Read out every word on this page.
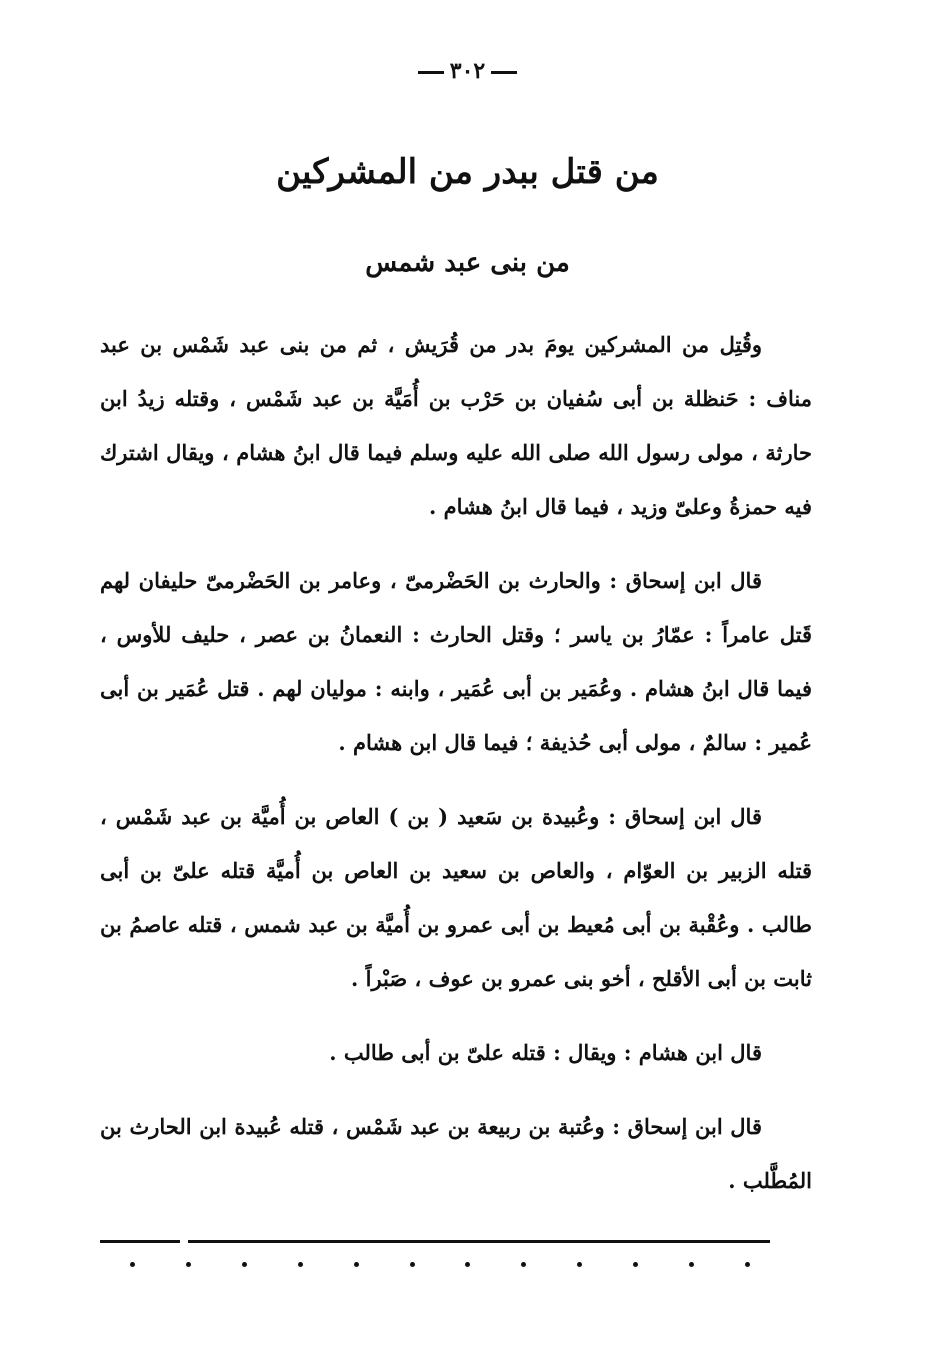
٣٠٢
من قتل ببدر من المشركين
من بنى عبد شمس

وقُتِل من المشركين يومَ بدر من قُرَيش ، ثم من بنى عبد شَمْس بن عبد مناف : حَنظلة بن أبى سُفيان بن حَرْب بن أُمَيَّة بن عبد شَمْس ، وقتله زيدُ ابن حارثة ، مولى رسول الله صلى الله عليه وسلم فيما قال ابنُ هشام ، ويقال اشترك فيه حمزةُ وعلىّ وزيد ، فيما قال ابنُ هشام .

قال ابن إسحاق : والحارث بن الحَضْرمىّ ، وعامر بن الحَضْرمىّ حليفان لهم قَتل عامراً : عمّارُ بن ياسر ؛ وقتل الحارث : النعمانُ بن عصر ، حليف للأوس ، فيما قال ابنُ هشام . وعُمَير بن أبى عُمَير ، وابنه : موليان لهم . قتل عُمَير بن أبى عُمير : سالمٌ ، مولى أبى حُذيفة ؛ فيما قال ابن هشام .

قال ابن إسحاق : وعُبيدة بن سَعيد ( بن ) العاص بن أُميَّة بن عبد شَمْس ، قتله الزبير بن العوّام ، والعاص بن سعيد بن العاص بن أُميَّة قتله علىّ بن أبى طالب . وعُقْبة بن أبى مُعيط بن أبى عمرو بن أُميَّة بن عبد شمس ، قتله عاصمُ بن ثابت بن أبى الأقلح ، أخو بنى عمرو بن عوف ، صَبْراً .

قال ابن هشام : ويقال : قتله علىّ بن أبى طالب .

قال ابن إسحاق : وعُتبة بن ربيعة بن عبد شَمْس ، قتله عُبيدة ابن الحارث بن المُطَّلب .
